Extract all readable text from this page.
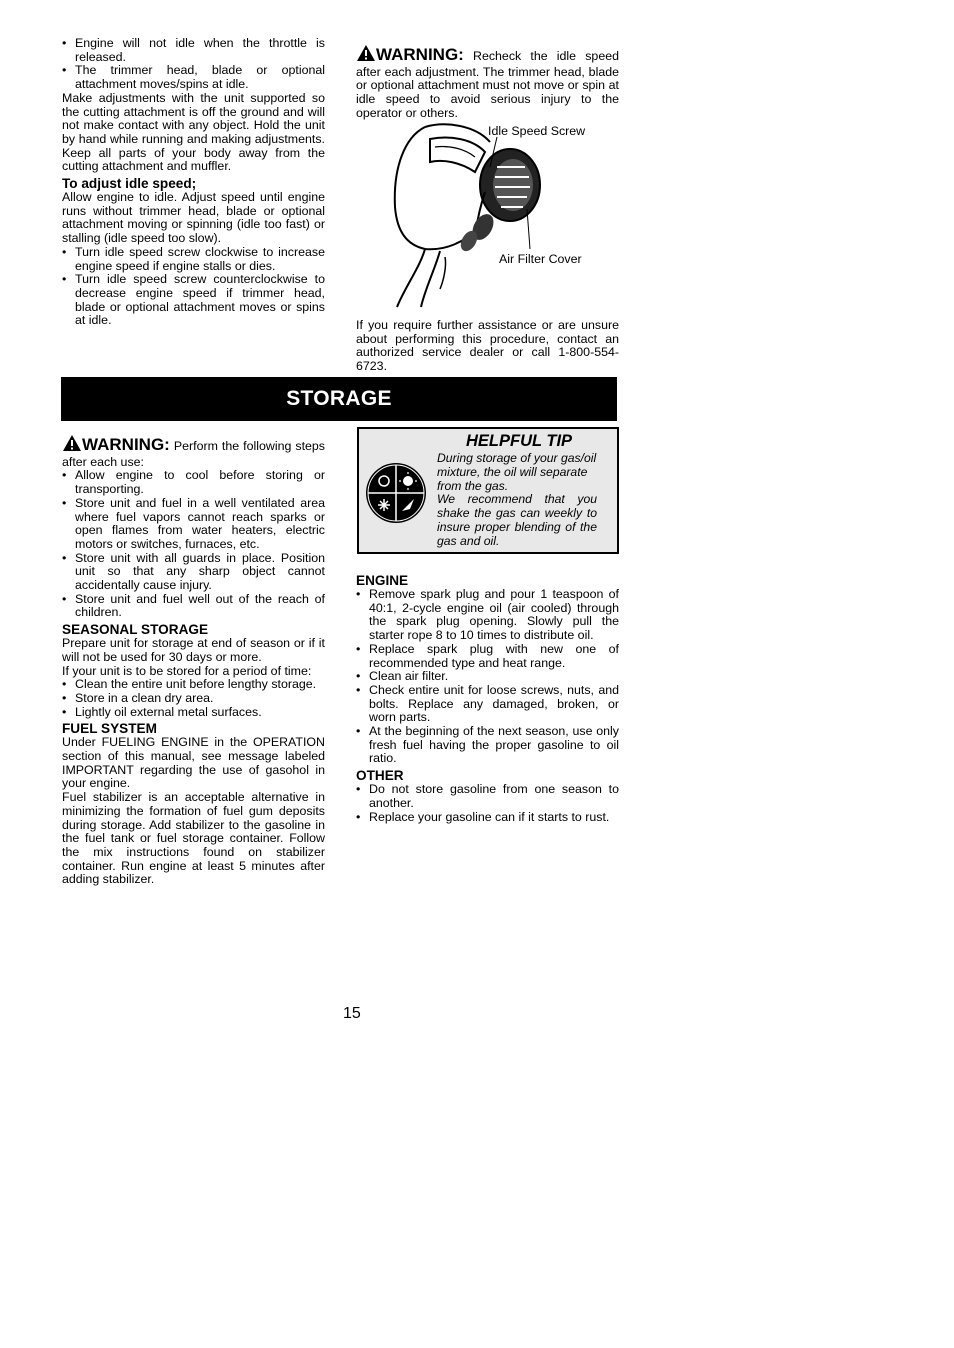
• Engine will not idle when the throttle is released.
• The trimmer head, blade or optional attachment moves/spins at idle.

Make adjustments with the unit supported so the cutting attachment is off the ground and will not make contact with any object. Hold the unit by hand while running and making adjustments. Keep all parts of your body away from the cutting attachment and muffler.

To adjust idle speed;

Allow engine to idle. Adjust speed until engine runs without trimmer head, blade or optional attachment moving or spinning (idle too fast) or stalling (idle speed too slow).

• Turn idle speed screw clockwise to increase engine speed if engine stalls or dies.
• Turn idle speed screw counterclockwise to decrease engine speed if trimmer head, blade or optional attachment moves or spins at idle.

WARNING: Recheck the idle speed after each adjustment. The trimmer head, blade or optional attachment must not move or spin at idle speed to avoid serious injury to the operator or others.

Idle Speed Screw
Air Filter Cover

If you require further assistance or are unsure about performing this procedure, contact an authorized service dealer or call 1-800-554-6723.

STORAGE

WARNING: Perform the following steps after each use:

• Allow engine to cool before storing or transporting.
• Store unit and fuel in a well ventilated area where fuel vapors cannot reach sparks or open flames from water heaters, electric motors or switches, furnaces, etc.
• Store unit with all guards in place. Position unit so that any sharp object cannot accidentally cause injury.
• Store unit and fuel well out of the reach of children.
SEASONAL STORAGE

Prepare unit for storage at end of season or if it will not be used for 30 days or more.

If your unit is to be stored for a period of time:

• Clean the entire unit before lengthy storage.
• Store in a clean dry area.
• Lightly oil external metal surfaces.
FUEL SYSTEM

Under FUELING ENGINE in the OPERATION section of this manual, see message labeled IMPORTANT regarding the use of gasohol in your engine.

Fuel stabilizer is an acceptable alternative in minimizing the formation of fuel gum deposits during storage. Add stabilizer to the gasoline in the fuel tank or fuel storage container. Follow the mix instructions found on stabilizer container. Run engine at least 5 minutes after adding stabilizer.

HELPFUL TIP
During storage of your gas/oil mixture, the oil will separate from the gas.
We recommend that you shake the gas can weekly to insure proper blending of the gas and oil.
ENGINE
• Remove spark plug and pour 1 teaspoon of 40:1, 2-cycle engine oil (air cooled) through the spark plug opening. Slowly pull the starter rope 8 to 10 times to distribute oil.
• Replace spark plug with new one of recommended type and heat range.
• Clean air filter.
• Check entire unit for loose screws, nuts, and bolts. Replace any damaged, broken, or worn parts.
• At the beginning of the next season, use only fresh fuel having the proper gasoline to oil ratio.
OTHER
• Do not store gasoline from one season to another.
• Replace your gasoline can if it starts to rust.
15
